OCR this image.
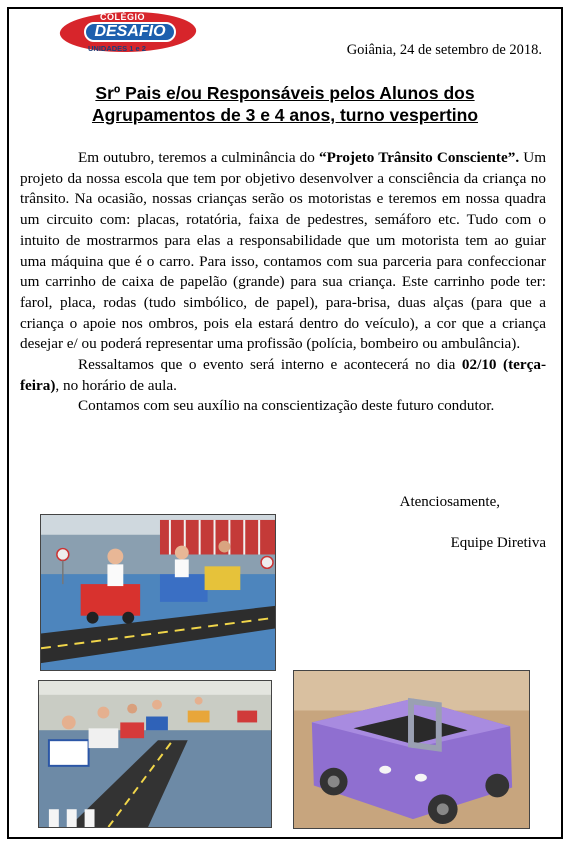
COLÉGIO
DESAFIO
UNIDADES 1 e 2	Goiânia, 24 de setembro de 2018.
Srº Pais e/ou Responsáveis pelos Alunos dos
Agrupamentos de 3 e 4 anos, turno vespertino

Em outubro, teremos a culminância do “Projeto Trânsito Consciente”. Um projeto da nossa escola que tem por objetivo desenvolver a consciência da criança no trânsito. Na ocasião, nossas crianças serão os motoristas e teremos em nossa quadra um circuito com: placas, rotatória, faixa de pedestres, semáforo etc. Tudo com o intuito de mostrarmos para elas a responsabilidade que um motorista tem ao guiar uma máquina que é o carro. Para isso, contamos com sua parceria para confeccionar um carrinho de caixa de papelão (grande) para sua criança. Este carrinho pode ter: farol, placa, rodas (tudo simbólico, de papel), para-brisa, duas alças (para que a criança o apoie nos ombros, pois ela estará dentro do veículo), a cor que a criança desejar e/ ou poderá representar uma profissão (polícia, bombeiro ou ambulância).

Ressaltamos que o evento será interno e acontecerá no dia 02/10 (terça-feira), no horário de aula.

Contamos com seu auxílio na conscientização deste futuro condutor.

Atenciosamente,
Equipe Diretiva
